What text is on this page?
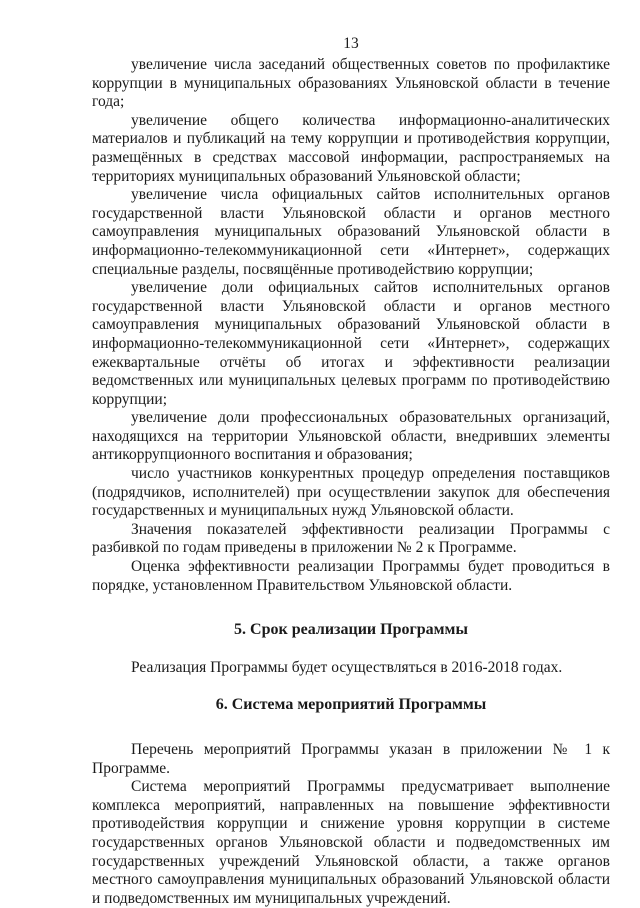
13

увеличение числа заседаний общественных советов по профилактике коррупции в муниципальных образованиях Ульяновской области в течение года;

увеличение общего количества информационно-аналитических материалов и публикаций на тему коррупции и противодействия коррупции, размещённых в средствах массовой информации, распространяемых на территориях муниципальных образований Ульяновской области;

увеличение числа официальных сайтов исполнительных органов государственной власти Ульяновской области и органов местного самоуправления муниципальных образований Ульяновской области в информационно-телекоммуникационной сети «Интернет», содержащих специальные разделы, посвящённые противодействию коррупции;

увеличение доли официальных сайтов исполнительных органов государственной власти Ульяновской области и органов местного самоуправления муниципальных образований Ульяновской области в информационно-телекоммуникационной сети «Интернет», содержащих ежеквартальные отчёты об итогах и эффективности реализации ведомственных или муниципальных целевых программ по противодействию коррупции;

увеличение доли профессиональных образовательных организаций, находящихся на территории Ульяновской области, внедривших элементы антикоррупционного воспитания и образования;

число участников конкурентных процедур определения поставщиков (подрядчиков, исполнителей) при осуществлении закупок для обеспечения государственных и муниципальных нужд Ульяновской области.

Значения показателей эффективности реализации Программы с разбивкой по годам приведены в приложении № 2 к Программе.

Оценка эффективности реализации Программы будет проводиться в порядке, установленном Правительством Ульяновской области.

5. Срок реализации Программы

Реализация Программы будет осуществляться в 2016-2018 годах.

6. Система мероприятий Программы

Перечень мероприятий Программы указан в приложении № 1 к Программе.

Система мероприятий Программы предусматривает выполнение комплекса мероприятий, направленных на повышение эффективности противодействия коррупции и снижение уровня коррупции в системе государственных органов Ульяновской области и подведомственных им государственных учреждений Ульяновской области, а также органов местного самоуправления муниципальных образований Ульяновской области и подведомственных им муниципальных учреждений.
